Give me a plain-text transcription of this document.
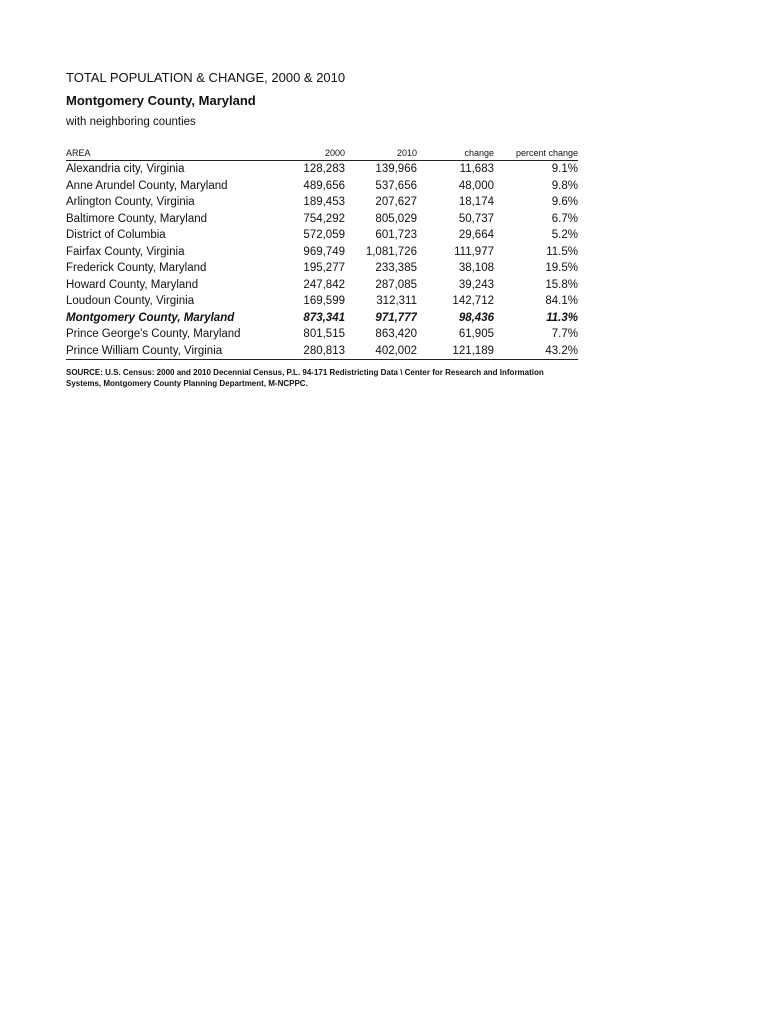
TOTAL POPULATION & CHANGE, 2000 & 2010
Montgomery County, Maryland

with neighboring counties

AREA	2000	2010	change	percent change
Alexandria city, Virginia	128,283	139,966	11,683	9.1%
Anne Arundel County, Maryland	489,656	537,656	48,000	9.8%
Arlington County, Virginia	189,453	207,627	18,174	9.6%
Baltimore County, Maryland	754,292	805,029	50,737	6.7%
District of Columbia	572,059	601,723	29,664	5.2%
Fairfax County, Virginia	969,749	1,081,726	111,977	11.5%
Frederick County, Maryland	195,277	233,385	38,108	19.5%
Howard County, Maryland	247,842	287,085	39,243	15.8%
Loudoun County, Virginia	169,599	312,311	142,712	84.1%
Montgomery County, Maryland	873,341	971,777	98,436	11.3%
Prince George's County, Maryland	801,515	863,420	61,905	7.7%
Prince William County, Virginia	280,813	402,002	121,189	43.2%

SOURCE: U.S. Census: 2000 and 2010 Decennial Census, P.L. 94-171 Redistricting Data \ Center for Research and Information Systems, Montgomery County Planning Department, M-NCPPC.
